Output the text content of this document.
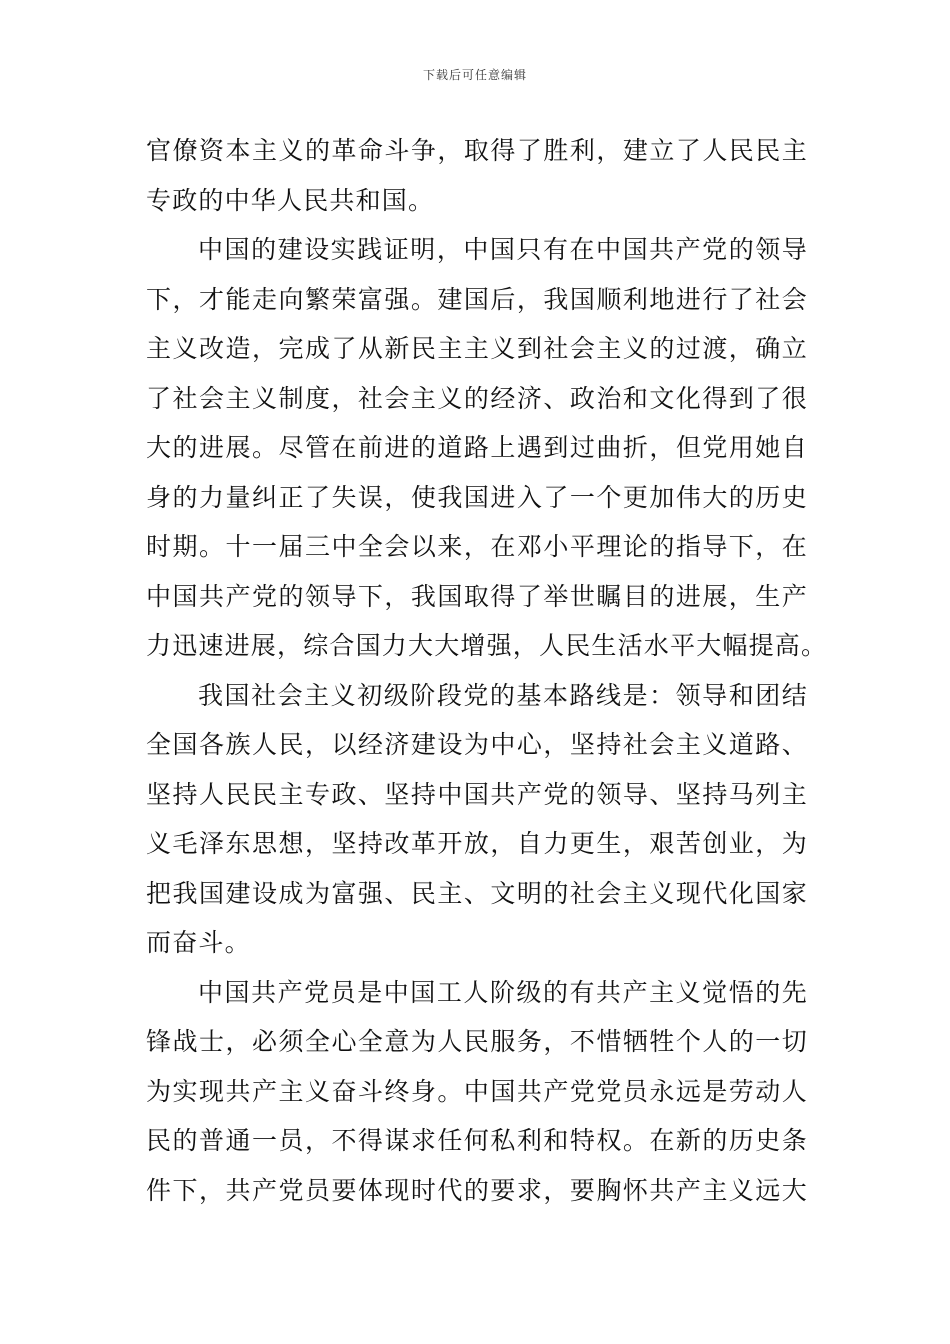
下载后可任意编辑

官僚资本主义的革命斗争，取得了胜利，建立了人民民主
专政的中华人民共和国。

中国的建设实践证明，中国只有在中国共产党的领导
下，才能走向繁荣富强。建国后，我国顺利地进行了社会
主义改造，完成了从新民主主义到社会主义的过渡，确立
了社会主义制度，社会主义的经济、政治和文化得到了很
大的进展。尽管在前进的道路上遇到过曲折，但党用她自
身的力量纠正了失误，使我国进入了一个更加伟大的历史
时期。十一届三中全会以来，在邓小平理论的指导下，在
中国共产党的领导下，我国取得了举世瞩目的进展，生产
力迅速进展，综合国力大大增强，人民生活水平大幅提高。

我国社会主义初级阶段党的基本路线是：领导和团结
全国各族人民，以经济建设为中心，坚持社会主义道路、
坚持人民民主专政、坚持中国共产党的领导、坚持马列主
义毛泽东思想，坚持改革开放，自力更生，艰苦创业，为
把我国建设成为富强、民主、文明的社会主义现代化国家
而奋斗。

中国共产党员是中国工人阶级的有共产主义觉悟的先
锋战士，必须全心全意为人民服务，不惜牺牲个人的一切
为实现共产主义奋斗终身。中国共产党党员永远是劳动人
民的普通一员，不得谋求任何私利和特权。在新的历史条
件下，共产党员要体现时代的要求，要胸怀共产主义远大
